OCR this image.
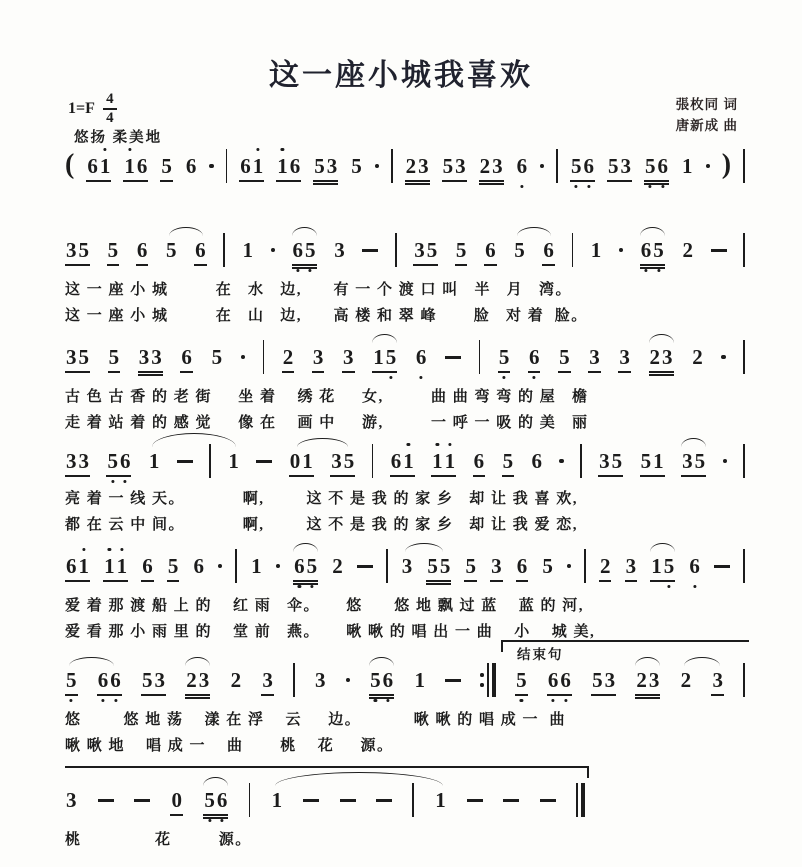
这一座小城我喜欢
1=F
4
4
悠扬 柔美地
張枚同 词
唐新成 曲
( 6 1 1 6 5 6 6 1 1 6 5 3 5 2 3 5 3 2 3 6 5 6 5 3 5 6 1 )
3 5 5 6 5 6 1 6 5 3	3 5 5 6 5 6 1 6 5 2
这 一 座 小 城         在   水   边,      有 一 个 渡 口 叫   半   月   湾。
这 一 座 小 城         在   山   边,      高 楼 和 翠 峰       脸   对 着  脸。
3 5 5 3 3 6 5	2 3 3 1 5 6	5 6 5 3 3 2 3 2
古 色 古 香 的 老 街     坐 着    绣 花     女,         曲 曲 弯 弯 的 屋   檐
走 着 站 着 的 感 觉     像 在    画 中     游,         一 呼 一 吸 的 美   丽
3 3 5 6 1	1 0 1 3 5 6 1 1 1 6 5 6	3 5 5 1 3 5
亮 着 一 线 天。           啊,        这 不 是 我 的 家 乡   却 让 我 喜 欢,
都 在 云 中 间。           啊,        这 不 是 我 的 家 乡   却 让 我 爱 恋,
6 1 1 1 6 5 6 1 6 5 2	3 5 5 5 3 6 5 2 3 1 5 6
爱 着 那 渡 船 上 的    红 雨   伞。     悠      悠 地 飘 过 蓝    蓝 的 河,
爱 看 那 小 雨 里 的    堂 前   燕。     啾 啾 的 唱 出 一 曲    小    城 美,
5 6 6 5 3 2 3 2 3 3 5 6 1	5 6 6 5 3 2 3 2 3
结束句
悠        悠 地 荡    漾 在 浮    云     边。          啾 啾 的 唱 成 一  曲
啾 啾 地    唱 成 一    曲       桃    花     源。
3	0 5 6 1	1
桃              花         源。
